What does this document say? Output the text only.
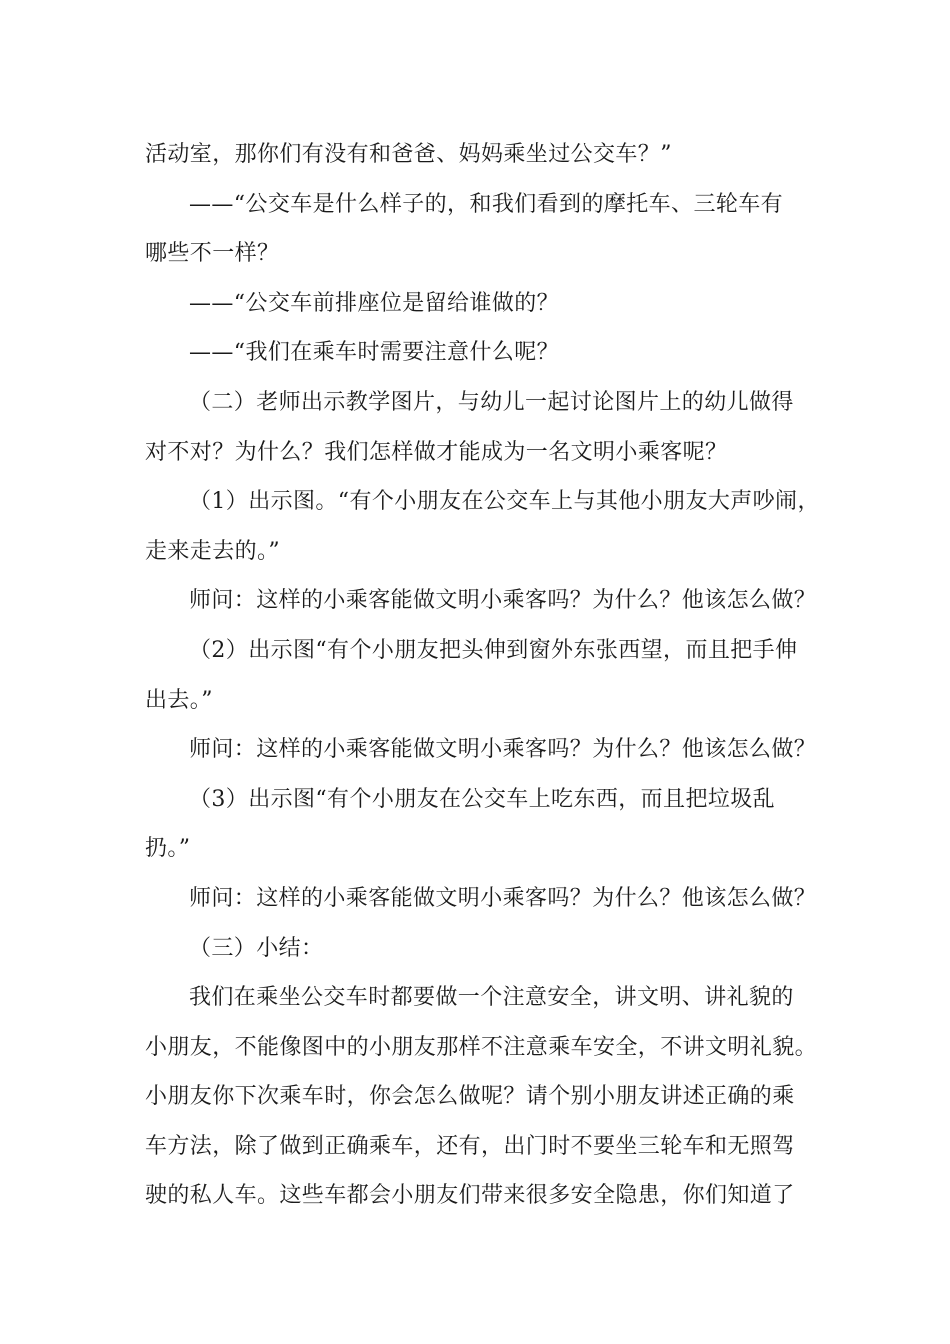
活动室，那你们有没有和爸爸、妈妈乘坐过公交车？”
——“公交车是什么样子的，和我们看到的摩托车、三轮车有
哪些不一样？
——“公交车前排座位是留给谁做的？
——“我们在乘车时需要注意什么呢？
（二）老师出示教学图片，与幼儿一起讨论图片上的幼儿做得
对不对？为什么？我们怎样做才能成为一名文明小乘客呢？
（1）出示图。“有个小朋友在公交车上与其他小朋友大声吵闹，
走来走去的。”
师问：这样的小乘客能做文明小乘客吗？为什么？他该怎么做？
（2）出示图“有个小朋友把头伸到窗外东张西望，而且把手伸
出去。”
师问：这样的小乘客能做文明小乘客吗？为什么？他该怎么做？
（3）出示图“有个小朋友在公交车上吃东西，而且把垃圾乱
扔。”
师问：这样的小乘客能做文明小乘客吗？为什么？他该怎么做？
（三）小结：
我们在乘坐公交车时都要做一个注意安全，讲文明、讲礼貌的
小朋友，不能像图中的小朋友那样不注意乘车安全，不讲文明礼貌。
小朋友你下次乘车时，你会怎么做呢？请个别小朋友讲述正确的乘
车方法，除了做到正确乘车，还有，出门时不要坐三轮车和无照驾
驶的私人车。这些车都会小朋友们带来很多安全隐患，你们知道了
